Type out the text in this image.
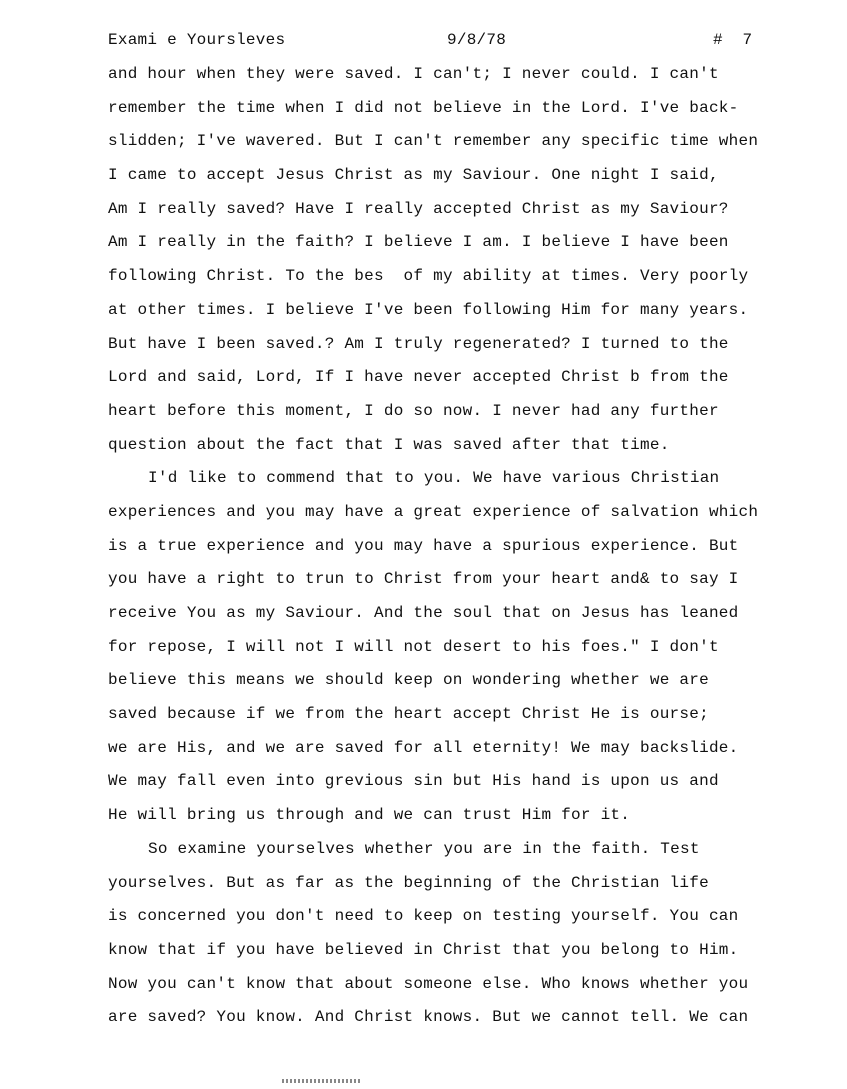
Exami e Yoursleves	9/8/78	#  7
and hour when they were saved. I can't; I never could. I can't
remember the time when I did not believe in the Lord. I've back-
slidden; I've wavered. But I can't remember any specific time when
I came to accept Jesus Christ as my Saviour. One night I said,
Am I really saved? Have I really accepted Christ as my Saviour?
Am I really in the faith? I believe I am. I believe I have been
following Christ. To the bes  of my ability at times. Very poorly
at other times. I believe I've been following Him for many years.
But have I been saved.? Am I truly regenerated? I turned to the
Lord and said, Lord, If I have never accepted Christ b from the
heart before this moment, I do so now. I never had any further
question about the fact that I was saved after that time.
I'd like to commend that to you. We have various Christian
experiences and you may have a great experience of salvation which
is a true experience and you may have a spurious experience. But
you have a right to trun to Christ from your heart and& to say I
receive You as my Saviour. And the soul that on Jesus has leaned
for repose, I will not I will not desert to his foes." I don't
believe this means we should keep on wondering whether we are
saved because if we from the heart accept Christ He is ourse;
we are His, and we are saved for all eternity! We may backslide.
We may fall even into grevious sin but His hand is upon us and
He will bring us through and we can trust Him for it.
So examine yourselves whether you are in the faith. Test
yourselves. But as far as the beginning of the Christian life
is concerned you don't need to keep on testing yourself. You can
know that if you have believed in Christ that you belong to Him.
Now you can't know that about someone else. Who knows whether you
are saved? You know. And Christ knows. But we cannot tell. We can
